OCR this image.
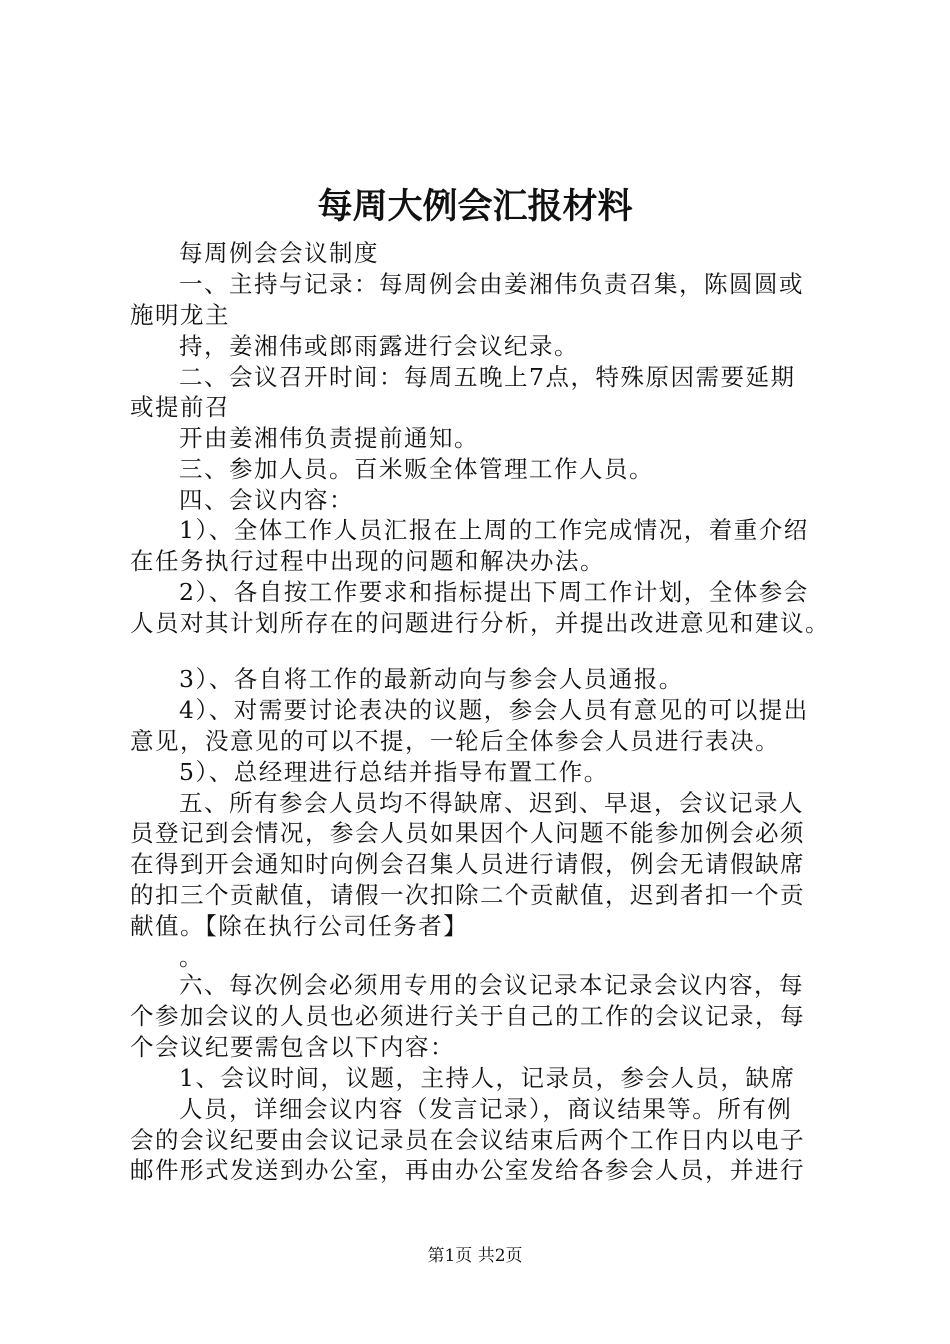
每周大例会汇报材料
每周例会会议制度
一、主持与记录：每周例会由姜湘伟负责召集，陈圆圆或
施明龙主
持，姜湘伟或郎雨露进行会议纪录。
二、会议召开时间：每周五晚上7点，特殊原因需要延期
或提前召
开由姜湘伟负责提前通知。
三、参加人员。百米贩全体管理工作人员。
四、会议内容：
1）、全体工作人员汇报在上周的工作完成情况，着重介绍
在任务执行过程中出现的问题和解决办法。
2）、各自按工作要求和指标提出下周工作计划，全体参会
人员对其计划所存在的问题进行分析，并提出改进意见和建议。
3）、各自将工作的最新动向与参会人员通报。
4）、对需要讨论表决的议题，参会人员有意见的可以提出
意见，没意见的可以不提，一轮后全体参会人员进行表决。
5）、总经理进行总结并指导布置工作。
五、所有参会人员均不得缺席、迟到、早退，会议记录人
员登记到会情况，参会人员如果因个人问题不能参加例会必须
在得到开会通知时向例会召集人员进行请假，例会无请假缺席
的扣三个贡献值，请假一次扣除二个贡献值，迟到者扣一个贡
献值。【除在执行公司任务者】
。
六、每次例会必须用专用的会议记录本记录会议内容，每
个参加会议的人员也必须进行关于自己的工作的会议记录，每
个会议纪要需包含以下内容：
1、会议时间，议题，主持人，记录员，参会人员，缺席
人员，详细会议内容（发言记录），商议结果等。所有例
会的会议纪要由会议记录员在会议结束后两个工作日内以电子
邮件形式发送到办公室，再由办公室发给各参会人员，并进行
第1页 共2页
